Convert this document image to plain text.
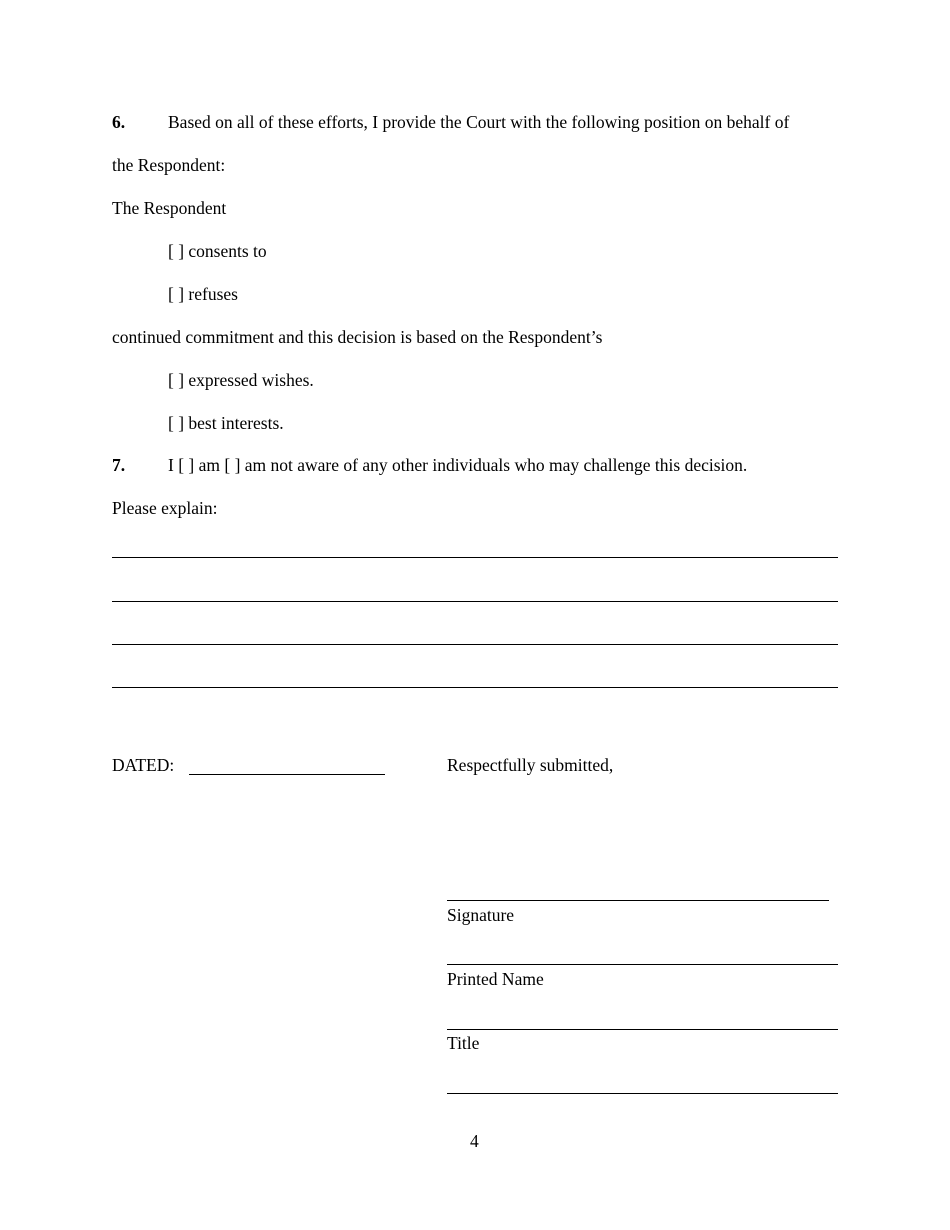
6. Based on all of these efforts, I provide the Court with the following position on behalf of
the Respondent:
The Respondent
[ ] consents to
[ ] refuses
continued commitment and this decision is based on the Respondent’s
[ ] expressed wishes.
[ ] best interests.
7. I [ ] am [ ] am not aware of any other individuals who may challenge this decision.
Please explain:
DATED:	Respectfully submitted,
Signature
Printed Name
Title
4
